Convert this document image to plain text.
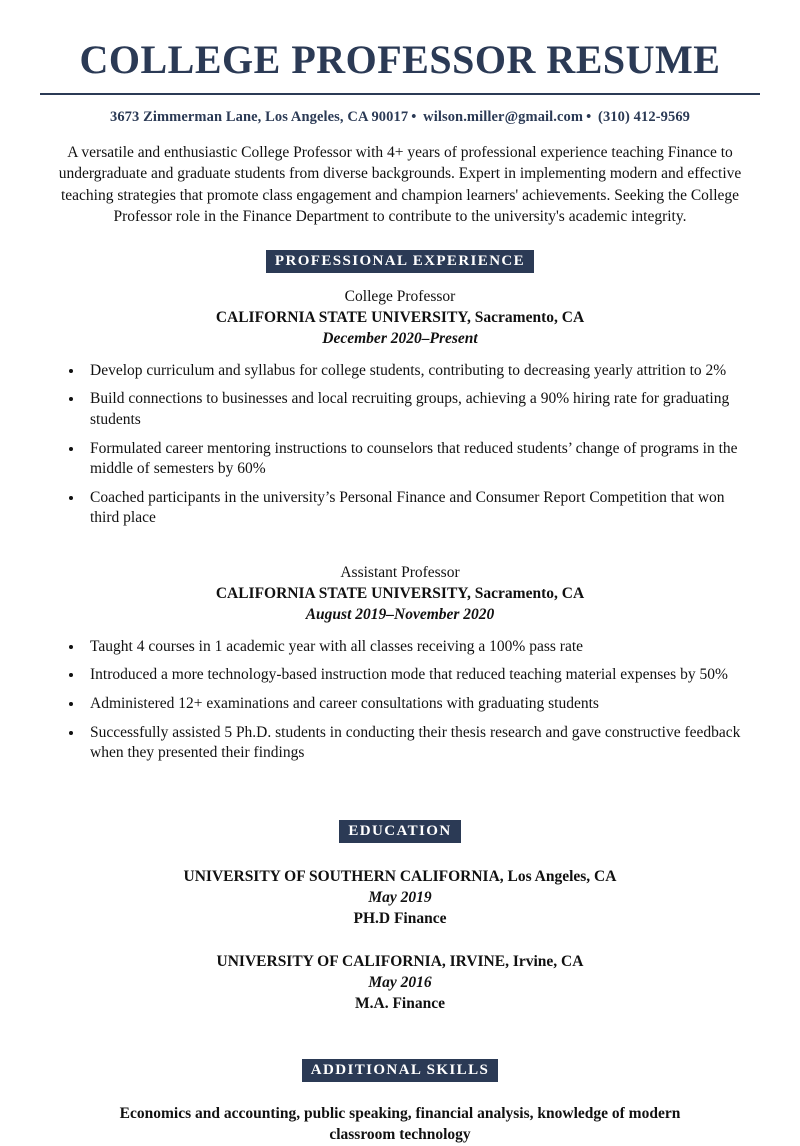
COLLEGE PROFESSOR RESUME
3673 Zimmerman Lane, Los Angeles, CA 90017 • wilson.miller@gmail.com • (310) 412-9569

A versatile and enthusiastic College Professor with 4+ years of professional experience teaching Finance to undergraduate and graduate students from diverse backgrounds. Expert in implementing modern and effective teaching strategies that promote class engagement and champion learners' achievements. Seeking the College Professor role in the Finance Department to contribute to the university's academic integrity.

PROFESSIONAL EXPERIENCE
College Professor
CALIFORNIA STATE UNIVERSITY, Sacramento, CA
December 2020–Present
Develop curriculum and syllabus for college students, contributing to decreasing yearly attrition to 2%
Build connections to businesses and local recruiting groups, achieving a 90% hiring rate for graduating students
Formulated career mentoring instructions to counselors that reduced students’ change of programs in the middle of semesters by 60%
Coached participants in the university’s Personal Finance and Consumer Report Competition that won third place
Assistant Professor
CALIFORNIA STATE UNIVERSITY, Sacramento, CA
August 2019–November 2020
Taught 4 courses in 1 academic year with all classes receiving a 100% pass rate
Introduced a more technology-based instruction mode that reduced teaching material expenses by 50%
Administered 12+ examinations and career consultations with graduating students
Successfully assisted 5 Ph.D. students in conducting their thesis research and gave constructive feedback when they presented their findings
EDUCATION
UNIVERSITY OF SOUTHERN CALIFORNIA, Los Angeles, CA
May 2019
PH.D Finance
UNIVERSITY OF CALIFORNIA, IRVINE, Irvine, CA
May 2016
M.A. Finance
ADDITIONAL SKILLS
Economics and accounting, public speaking, financial analysis, knowledge of modern classroom technology
